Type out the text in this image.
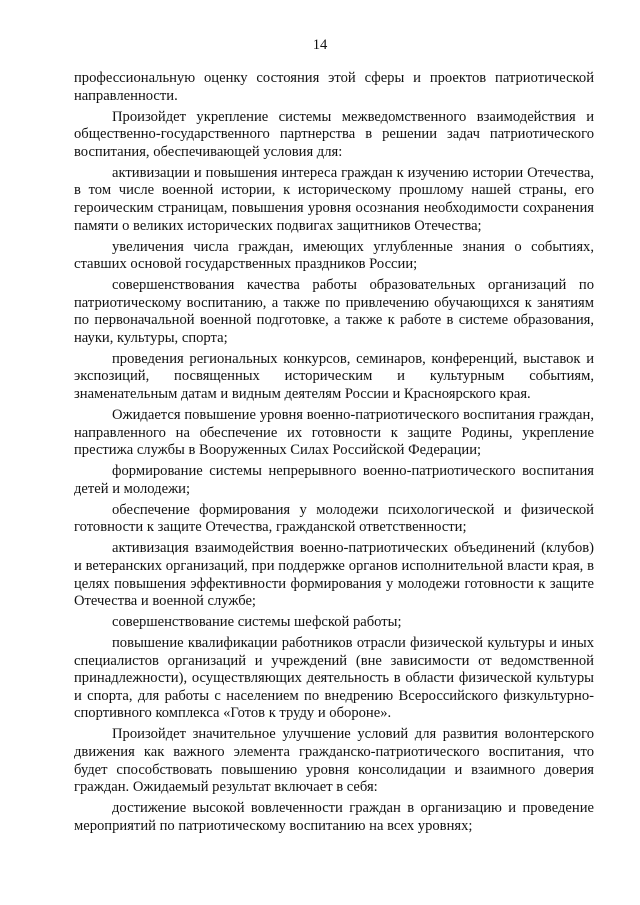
14

профессиональную оценку состояния этой сферы и проектов патриотической направленности.

Произойдет укрепление системы межведомственного взаимодействия и общественно-государственного партнерства в решении задач патриотического воспитания, обеспечивающей условия для:

активизации и повышения интереса граждан к изучению истории Отечества, в том числе военной истории, к историческому прошлому нашей страны, его героическим страницам, повышения уровня осознания необходимости сохранения памяти о великих исторических подвигах защитников Отечества;

увеличения числа граждан, имеющих углубленные знания о событиях, ставших основой государственных праздников России;

совершенствования качества работы образовательных организаций по патриотическому воспитанию, а также по привлечению обучающихся к занятиям по первоначальной военной подготовке, а также к работе в системе образования, науки, культуры, спорта;

проведения региональных конкурсов, семинаров, конференций, выставок и экспозиций, посвященных историческим и культурным событиям, знаменательным датам и видным деятелям России и Красноярского края.

Ожидается повышение уровня военно-патриотического воспитания граждан, направленного на обеспечение их готовности к защите Родины, укрепление престижа службы в Вооруженных Силах Российской Федерации;

формирование системы непрерывного военно-патриотического воспитания детей и молодежи;

обеспечение формирования у молодежи психологической и физической готовности к защите Отечества, гражданской ответственности;

активизация взаимодействия военно-патриотических объединений (клубов) и ветеранских организаций, при поддержке органов исполнительной власти края, в целях повышения эффективности формирования у молодежи готовности к защите Отечества и военной службе;

совершенствование системы шефской работы;

повышение квалификации работников отрасли физической культуры и иных специалистов организаций и учреждений (вне зависимости от ведомственной принадлежности), осуществляющих деятельность в области физической культуры и спорта, для работы с населением по внедрению Всероссийского физкультурно-спортивного комплекса «Готов к труду и обороне».

Произойдет значительное улучшение условий для развития волонтерского движения как важного элемента гражданско-патриотического воспитания, что будет способствовать повышению уровня консолидации и взаимного доверия граждан. Ожидаемый результат включает в себя:

достижение высокой вовлеченности граждан в организацию и проведение мероприятий по патриотическому воспитанию на всех уровнях;
